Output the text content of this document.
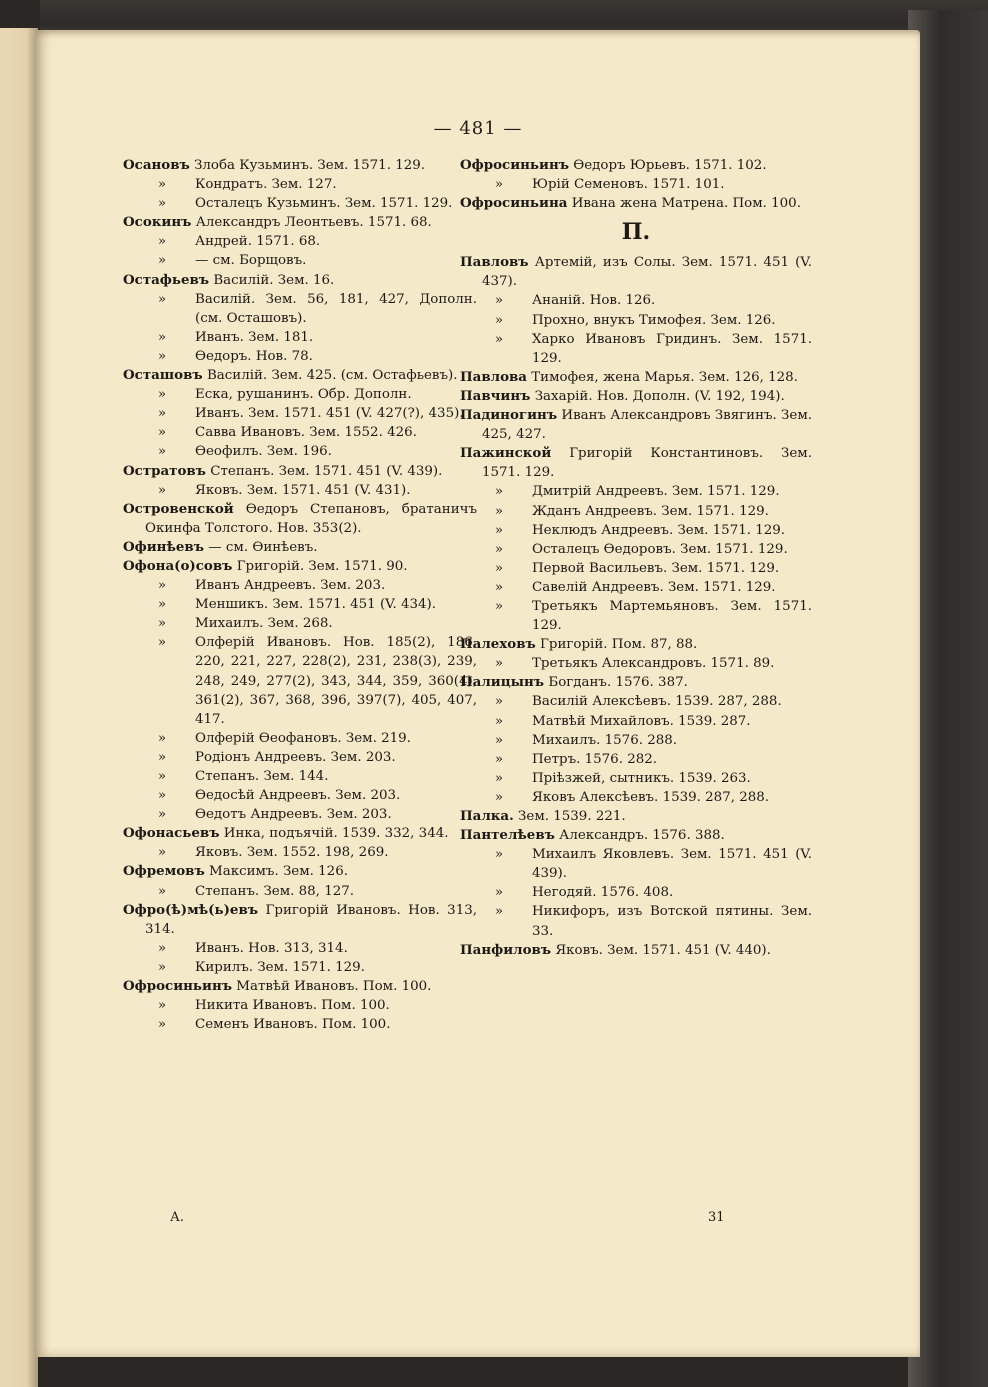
— 481 —
Осановъ Злоба Кузьминъ. Зем. 1571. 129.
» Кондратъ. Зем. 127.
» Осталецъ Кузьминъ. Зем. 1571. 129.
Осокинъ Александръ Леонтьевъ. 1571. 68.
» Андрей. 1571. 68.
» — см. Борщовъ.
Остафьевъ Василій. Зем. 16.
» Василій. Зем. 56, 181, 427, Дополн. (см. Осташовъ).
» Иванъ. Зем. 181.
» Ѳедоръ. Нов. 78.
Осташовъ Василій. Зем. 425. (см. Остафьевъ).
» Еска, рушанинъ. Обр. Дополн.
» Иванъ. Зем. 1571. 451 (V. 427(?), 435).
» Савва Ивановъ. Зем. 1552. 426.
» Ѳеофилъ. Зем. 196.
Остратовъ Степанъ. Зем. 1571. 451 (V. 439).
» Яковъ. Зем. 1571. 451 (V. 431).
Островенской Ѳедоръ Степановъ, братаничъ Окинфа Толстого. Нов. 353(2).
Офинѣевъ — см. Ѳинѣевъ.
Офона(о)совъ Григорій. Зем. 1571. 90.
» Иванъ Андреевъ. Зем. 203.
» Меншикъ. Зем. 1571. 451 (V. 434).
» Михаилъ. Зем. 268.
» Олферій Ивановъ. Нов. 185(2), 186, 220, 221, 227, 228(2), 231, 238(3), 239, 248, 249, 277(2), 343, 344, 359, 360(4), 361(2), 367, 368, 396, 397(7), 405, 407, 417.
» Олферій Ѳеофановъ. Зем. 219.
» Родіонъ Андреевъ. Зем. 203.
» Степанъ. Зем. 144.
» Ѳедосѣй Андреевъ. Зем. 203.
» Ѳедотъ Андреевъ. Зем. 203.
Офонасьевъ Инка, подъячій. 1539. 332, 344.
» Яковъ. Зем. 1552. 198, 269.
Офремовъ Максимъ. Зем. 126.
» Степанъ. Зем. 88, 127.
Офро(ѣ)мѣ(ь)евъ Григорій Ивановъ. Нов. 313, 314.
» Иванъ. Нов. 313, 314.
» Кирилъ. Зем. 1571. 129.
Офросиньинъ Матвѣй Ивановъ. Пом. 100.
» Никита Ивановъ. Пом. 100.
» Семенъ Ивановъ. Пом. 100.
Офросиньинъ Ѳедоръ Юрьевъ. 1571. 102.
» Юрій Семеновъ. 1571. 101.
Офросиньина Ивана жена Матрена. Пом. 100.
П.
Павловъ Артемій, изъ Солы. Зем. 1571. 451 (V. 437).
» Ананій. Нов. 126.
» Прохно, внукъ Тимофея. Зем. 126.
» Харко Ивановъ Гридинъ. Зем. 1571. 129.
Павлова Тимофея, жена Марья. Зем. 126, 128.
Павчинъ Захарій. Нов. Дополн. (V. 192, 194).
Падиногинъ Иванъ Александровъ Звягинъ. Зем. 425, 427.
Пажинской Григорій Константиновъ. Зем. 1571. 129.
» Дмитрій Андреевъ. Зем. 1571. 129.
» Жданъ Андреевъ. Зем. 1571. 129.
» Неклюдъ Андреевъ. Зем. 1571. 129.
» Осталецъ Ѳедоровъ. Зем. 1571. 129.
» Первой Васильевъ. Зем. 1571. 129.
» Савелій Андреевъ. Зем. 1571. 129.
» Третьякъ Мартемьяновъ. Зем. 1571. 129.
Палеховъ Григорій. Пом. 87, 88.
» Третьякъ Александровъ. 1571. 89.
Палицынъ Богданъ. 1576. 387.
» Василій Алексѣевъ. 1539. 287, 288.
» Матвѣй Михайловъ. 1539. 287.
» Михаилъ. 1576. 288.
» Петръ. 1576. 282.
» Пріѣзжей, сытникъ. 1539. 263.
» Яковъ Алексѣевъ. 1539. 287, 288.
Палка. Зем. 1539. 221.
Пантелѣевъ Александръ. 1576. 388.
» Михаилъ Яковлевъ. Зем. 1571. 451 (V. 439).
» Негодяй. 1576. 408.
» Никифоръ, изъ Вотской пятины. Зем. 33.
Панфиловъ Яковъ. Зем. 1571. 451 (V. 440).
А.	31
